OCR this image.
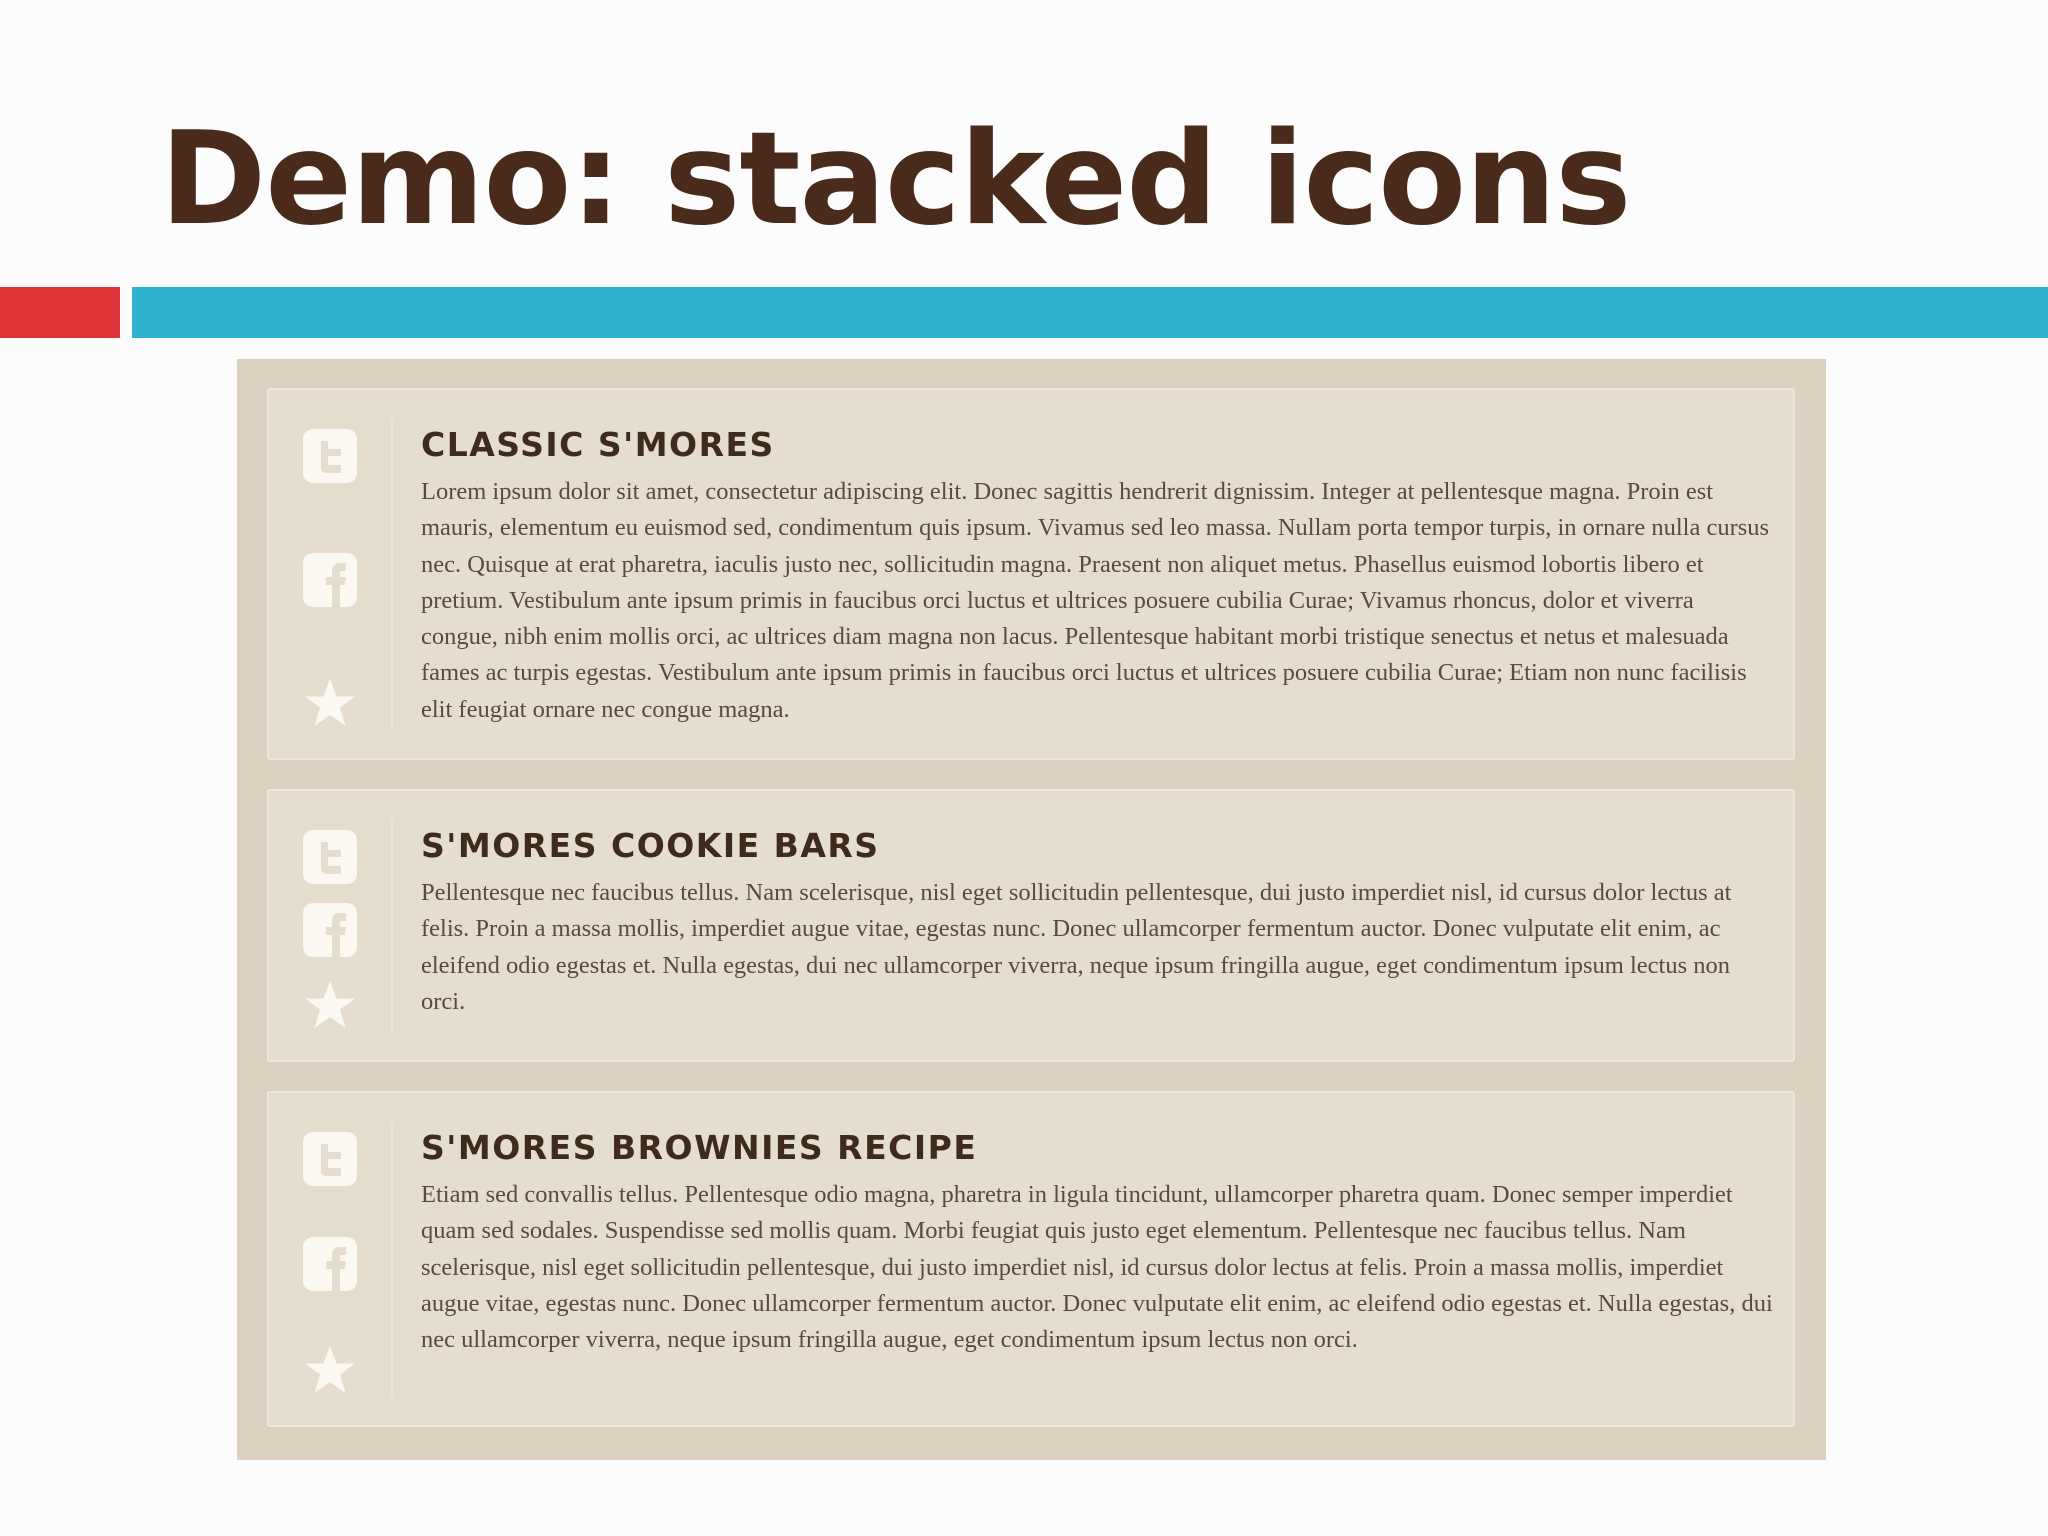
Demo: stacked icons
CLASSIC S'MORES

Lorem ipsum dolor sit amet, consectetur adipiscing elit. Donec sagittis hendrerit dignissim. Integer at pellentesque magna. Proin est mauris, elementum eu euismod sed, condimentum quis ipsum. Vivamus sed leo massa. Nullam porta tempor turpis, in ornare nulla cursus nec. Quisque at erat pharetra, iaculis justo nec, sollicitudin magna. Praesent non aliquet metus. Phasellus euismod lobortis libero et pretium. Vestibulum ante ipsum primis in faucibus orci luctus et ultrices posuere cubilia Curae; Vivamus rhoncus, dolor et viverra congue, nibh enim mollis orci, ac ultrices diam magna non lacus. Pellentesque habitant morbi tristique senectus et netus et malesuada fames ac turpis egestas. Vestibulum ante ipsum primis in faucibus orci luctus et ultrices posuere cubilia Curae; Etiam non nunc facilisis elit feugiat ornare nec congue magna.

S'MORES COOKIE BARS

Pellentesque nec faucibus tellus. Nam scelerisque, nisl eget sollicitudin pellentesque, dui justo imperdiet nisl, id cursus dolor lectus at felis. Proin a massa mollis, imperdiet augue vitae, egestas nunc. Donec ullamcorper fermentum auctor. Donec vulputate elit enim, ac eleifend odio egestas et. Nulla egestas, dui nec ullamcorper viverra, neque ipsum fringilla augue, eget condimentum ipsum lectus non orci.

S'MORES BROWNIES RECIPE

Etiam sed convallis tellus. Pellentesque odio magna, pharetra in ligula tincidunt, ullamcorper pharetra quam. Donec semper imperdiet quam sed sodales. Suspendisse sed mollis quam. Morbi feugiat quis justo eget elementum. Pellentesque nec faucibus tellus. Nam scelerisque, nisl eget sollicitudin pellentesque, dui justo imperdiet nisl, id cursus dolor lectus at felis. Proin a massa mollis, imperdiet augue vitae, egestas nunc. Donec ullamcorper fermentum auctor. Donec vulputate elit enim, ac eleifend odio egestas et. Nulla egestas, dui nec ullamcorper viverra, neque ipsum fringilla augue, eget condimentum ipsum lectus non orci.
